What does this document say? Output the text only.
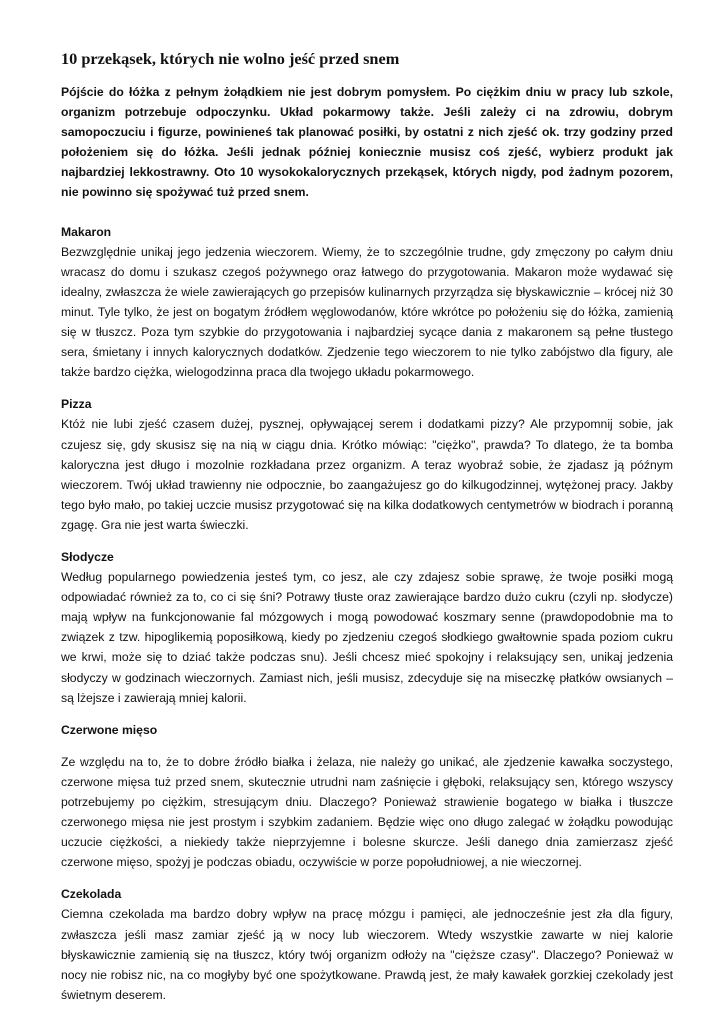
10 przekąsek, których nie wolno jeść przed snem

Pójście do łóżka z pełnym żołądkiem nie jest dobrym pomysłem. Po ciężkim dniu w pracy lub szkole, organizm potrzebuje odpoczynku. Układ pokarmowy także. Jeśli zależy ci na zdrowiu, dobrym samopoczuciu i figurze, powinieneś tak planować posiłki, by ostatni z nich zjeść ok. trzy godziny przed położeniem się do łóżka. Jeśli jednak później koniecznie musisz coś zjeść, wybierz produkt jak najbardziej lekkostrawny. Oto 10 wysokokalorycznych przekąsek, których nigdy, pod żadnym pozorem, nie powinno się spożywać tuż przed snem.

Makaron

Bezwzględnie unikaj jego jedzenia wieczorem. Wiemy, że to szczególnie trudne, gdy zmęczony po całym dniu wracasz do domu i szukasz czegoś pożywnego oraz łatwego do przygotowania. Makaron może wydawać się idealny, zwłaszcza że wiele zawierających go przepisów kulinarnych przyrządza się błyskawicznie – krócej niż 30 minut. Tyle tylko, że jest on bogatym źródłem węglowodanów, które wkrótce po położeniu się do łóżka, zamienią się w tłuszcz. Poza tym szybkie do przygotowania i najbardziej sycące dania z makaronem są pełne tłustego sera, śmietany i innych kalorycznych dodatków. Zjedzenie tego wieczorem to nie tylko zabójstwo dla figury, ale także bardzo ciężka, wielogodzinna praca dla twojego układu pokarmowego.

Pizza

Któż nie lubi zjeść czasem dużej, pysznej, opływającej serem i dodatkami pizzy? Ale przypomnij sobie, jak czujesz się, gdy skusisz się na nią w ciągu dnia. Krótko mówiąc: "ciężko", prawda? To dlatego, że ta bomba kaloryczna jest długo i mozolnie rozkładana przez organizm. A teraz wyobraź sobie, że zjadasz ją późnym wieczorem. Twój układ trawienny nie odpocznie, bo zaangażujesz go do kilkugodzinnej, wytężonej pracy. Jakby tego było mało, po takiej uczcie musisz przygotować się na kilka dodatkowych centymetrów w biodrach i poranną zgagę. Gra nie jest warta świeczki.

Słodycze

Według popularnego powiedzenia jesteś tym, co jesz, ale czy zdajesz sobie sprawę, że twoje posiłki mogą odpowiadać również za to, co ci się śni? Potrawy tłuste oraz zawierające bardzo dużo cukru (czyli np. słodycze) mają wpływ na funkcjonowanie fal mózgowych i mogą powodować koszmary senne (prawdopodobnie ma to związek z tzw. hipoglikemią poposiłkową, kiedy po zjedzeniu czegoś słodkiego gwałtownie spada poziom cukru we krwi, może się to dziać także podczas snu). Jeśli chcesz mieć spokojny i relaksujący sen, unikaj jedzenia słodyczy w godzinach wieczornych. Zamiast nich, jeśli musisz, zdecyduje się na miseczkę płatków owsianych – są lżejsze i zawierają mniej kalorii.

Czerwone mięso

Ze względu na to, że to dobre źródło białka i żelaza, nie należy go unikać, ale zjedzenie kawałka soczystego, czerwone mięsa tuż przed snem, skutecznie utrudni nam zaśnięcie i głęboki, relaksujący sen, którego wszyscy potrzebujemy po ciężkim, stresującym dniu. Dlaczego? Ponieważ strawienie bogatego w białka i tłuszcze czerwonego mięsa nie jest prostym i szybkim zadaniem. Będzie więc ono długo zalegać w żołądku powodując uczucie ciężkości, a niekiedy także nieprzyjemne i bolesne skurcze. Jeśli danego dnia zamierzasz zjeść czerwone mięso, spożyj je podczas obiadu, oczywiście w porze popołudniowej, a nie wieczornej.

Czekolada

Ciemna czekolada ma bardzo dobry wpływ na pracę mózgu i pamięci, ale jednocześnie jest zła dla figury, zwłaszcza jeśli masz zamiar zjeść ją w nocy lub wieczorem. Wtedy wszystkie zawarte w niej kalorie błyskawicznie zamienią się na tłuszcz, który twój organizm odłoży na "cięższe czasy". Dlaczego? Ponieważ w nocy nie robisz nic, na co mogłyby być one spożytkowane. Prawdą jest, że mały kawałek gorzkiej czekolady jest świetnym deserem.
